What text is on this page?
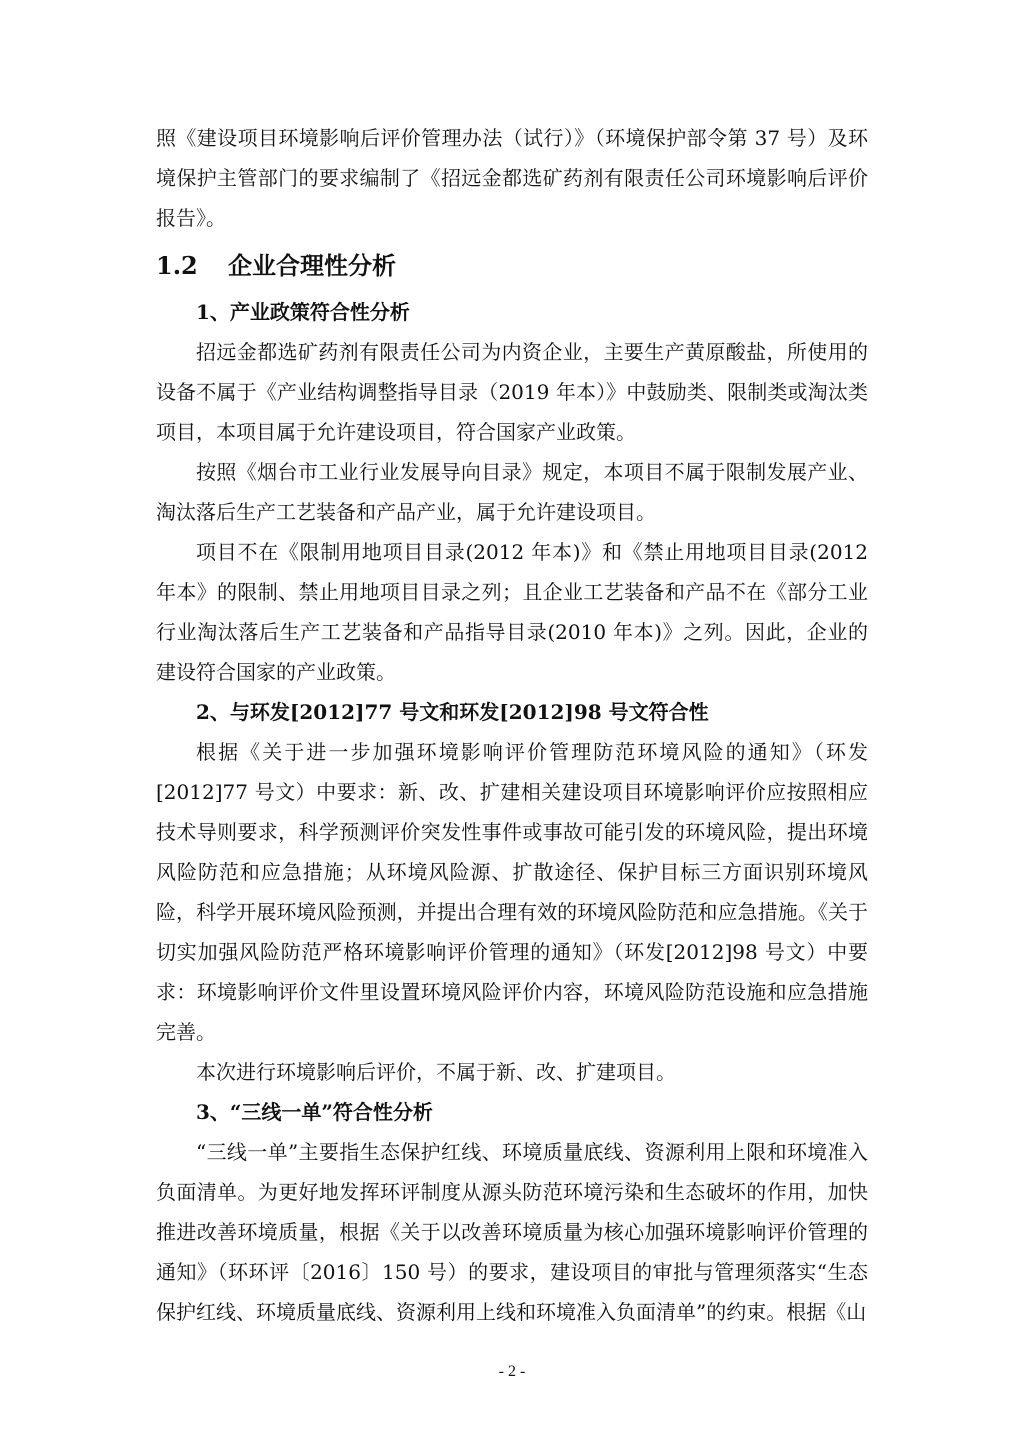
照《建设项目环境影响后评价管理办法（试行）》（环境保护部令第 37 号）及环境保护主管部门的要求编制了《招远金都选矿药剂有限责任公司环境影响后评价报告》。

1.2	企业合理性分析
1、产业政策符合性分析

招远金都选矿药剂有限责任公司为内资企业，主要生产黄原酸盐，所使用的设备不属于《产业结构调整指导目录（2019 年本）》中鼓励类、限制类或淘汰类项目，本项目属于允许建设项目，符合国家产业政策。

按照《烟台市工业行业发展导向目录》规定，本项目不属于限制发展产业、淘汰落后生产工艺装备和产品产业，属于允许建设项目。

项目不在《限制用地项目目录(2012 年本)》和《禁止用地项目目录(2012 年本》的限制、禁止用地项目目录之列；且企业工艺装备和产品不在《部分工业行业淘汰落后生产工艺装备和产品指导目录(2010 年本)》之列。因此，企业的建设符合国家的产业政策。

2、与环发[2012]77 号文和环发[2012]98 号文符合性

根据《关于进一步加强环境影响评价管理防范环境风险的通知》（环发[2012]77 号文）中要求：新、改、扩建相关建设项目环境影响评价应按照相应技术导则要求，科学预测评价突发性事件或事故可能引发的环境风险，提出环境风险防范和应急措施；从环境风险源、扩散途径、保护目标三方面识别环境风险，科学开展环境风险预测，并提出合理有效的环境风险防范和应急措施。《关于切实加强风险防范严格环境影响评价管理的通知》（环发[2012]98 号文）中要求：环境影响评价文件里设置环境风险评价内容，环境风险防范设施和应急措施完善。

本次进行环境影响后评价，不属于新、改、扩建项目。

3、“三线一单”符合性分析

“三线一单”主要指生态保护红线、环境质量底线、资源利用上限和环境准入负面清单。为更好地发挥环评制度从源头防范环境污染和生态破坏的作用，加快推进改善环境质量，根据《关于以改善环境质量为核心加强环境影响评价管理的通知》（环环评〔2016〕150 号）的要求，建设项目的审批与管理须落实“生态保护红线、环境质量底线、资源利用上线和环境准入负面清单”的约束。根据《山

- 2 -
